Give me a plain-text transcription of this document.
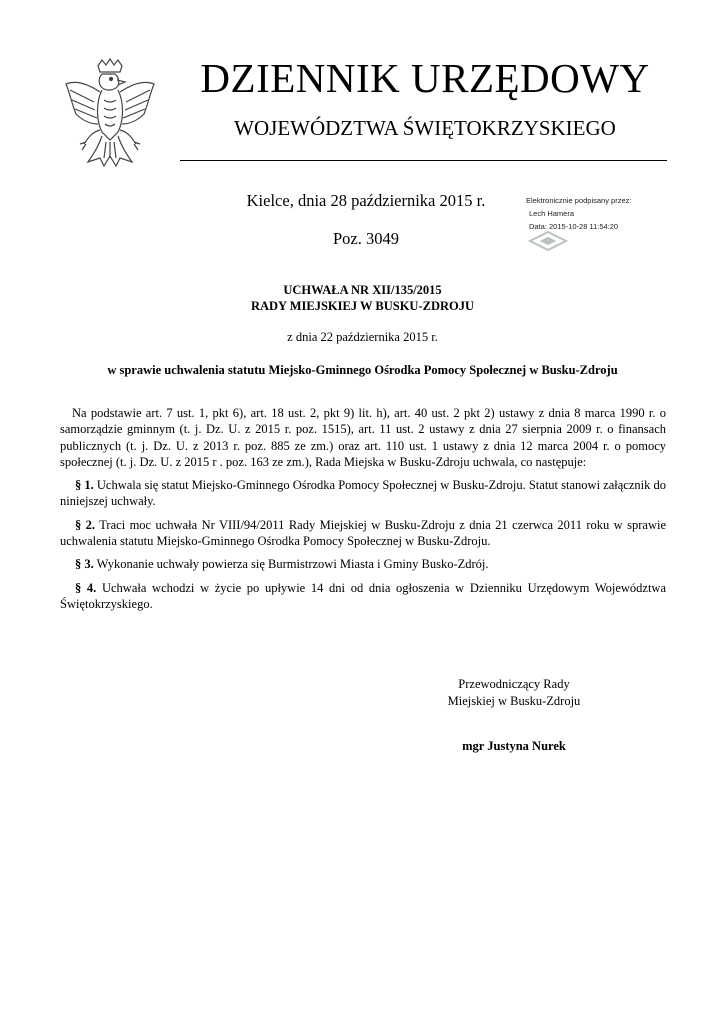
DZIENNIK URZĘDOWY
WOJEWÓDZTWA ŚWIĘTOKRZYSKIEGO
Kielce, dnia 28 października 2015 r.
Poz. 3049
Elektronicznie podpisany przez:
Lech Hamera
Data: 2015-10-28 11:54:20
UCHWAŁA NR XII/135/2015
RADY MIEJSKIEJ W BUSKU-ZDROJU
z dnia 22 października 2015 r.
w sprawie uchwalenia statutu Miejsko-Gminnego Ośrodka Pomocy Społecznej w Busku-Zdroju

Na podstawie art. 7 ust. 1, pkt 6), art. 18 ust. 2, pkt 9) lit. h), art. 40 ust. 2 pkt 2) ustawy z dnia 8 marca 1990 r. o samorządzie gminnym (t. j. Dz. U. z 2015 r. poz. 1515), art. 11 ust. 2 ustawy z dnia 27 sierpnia 2009 r. o finansach publicznych (t. j. Dz. U. z 2013 r. poz. 885 ze zm.) oraz art. 110 ust. 1 ustawy z dnia 12 marca 2004 r. o pomocy społecznej (t. j. Dz. U. z 2015 r . poz. 163 ze zm.), Rada Miejska w Busku-Zdroju uchwala, co następuje:

§ 1. Uchwala się statut Miejsko-Gminnego Ośrodka Pomocy Społecznej w Busku-Zdroju. Statut stanowi załącznik do niniejszej uchwały.

§ 2. Traci moc uchwała Nr VIII/94/2011 Rady Miejskiej w Busku-Zdroju z dnia 21 czerwca 2011 roku w sprawie uchwalenia statutu Miejsko-Gminnego Ośrodka Pomocy Społecznej w Busku-Zdroju.

§ 3. Wykonanie uchwały powierza się Burmistrzowi Miasta i Gminy Busko-Zdrój.

§ 4. Uchwała wchodzi w życie po upływie 14 dni od dnia ogłoszenia w Dzienniku Urzędowym Województwa Świętokrzyskiego.

Przewodniczący Rady
Miejskiej w Busku-Zdroju
mgr Justyna Nurek
